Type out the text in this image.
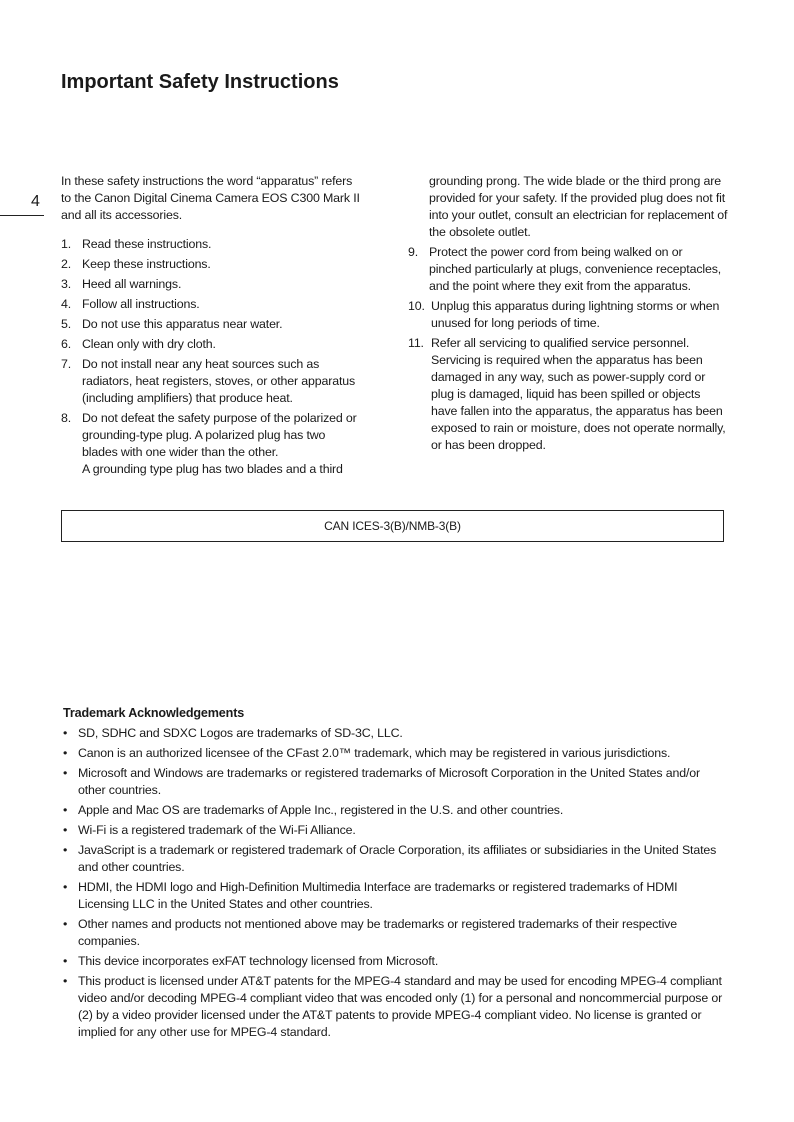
Important Safety Instructions
4

In these safety instructions the word “apparatus” refers to the Canon Digital Cinema Camera EOS C300 Mark II and all its accessories.

1. Read these instructions.
2. Keep these instructions.
3. Heed all warnings.
4. Follow all instructions.
5. Do not use this apparatus near water.
6. Clean only with dry cloth.
7. Do not install near any heat sources such as radiators, heat registers, stoves, or other apparatus (including amplifiers) that produce heat.
8. Do not defeat the safety purpose of the polarized or grounding-type plug. A polarized plug has two blades with one wider than the other.
A grounding type plug has two blades and a third
grounding prong. The wide blade or the third prong are provided for your safety. If the provided plug does not fit into your outlet, consult an electrician for replacement of the obsolete outlet.
9. Protect the power cord from being walked on or pinched particularly at plugs, convenience receptacles, and the point where they exit from the apparatus.
10. Unplug this apparatus during lightning storms or when unused for long periods of time.
11. Refer all servicing to qualified service personnel. Servicing is required when the apparatus has been damaged in any way, such as power-supply cord or plug is damaged, liquid has been spilled or objects have fallen into the apparatus, the apparatus has been exposed to rain or moisture, does not operate normally, or has been dropped.
CAN ICES-3(B)/NMB-3(B)
Trademark Acknowledgements
• SD, SDHC and SDXC Logos are trademarks of SD-3C, LLC.
• Canon is an authorized licensee of the CFast 2.0™ trademark, which may be registered in various jurisdictions.
• Microsoft and Windows are trademarks or registered trademarks of Microsoft Corporation in the United States and/or other countries.
• Apple and Mac OS are trademarks of Apple Inc., registered in the U.S. and other countries.
• Wi-Fi is a registered trademark of the Wi-Fi Alliance.
• JavaScript is a trademark or registered trademark of Oracle Corporation, its affiliates or subsidiaries in the United States and other countries.
• HDMI, the HDMI logo and High-Definition Multimedia Interface are trademarks or registered trademarks of HDMI Licensing LLC in the United States and other countries.
• Other names and products not mentioned above may be trademarks or registered trademarks of their respective companies.
• This device incorporates exFAT technology licensed from Microsoft.
• This product is licensed under AT&T patents for the MPEG-4 standard and may be used for encoding MPEG-4 compliant video and/or decoding MPEG-4 compliant video that was encoded only (1) for a personal and noncommercial purpose or (2) by a video provider licensed under the AT&T patents to provide MPEG-4 compliant video. No license is granted or implied for any other use for MPEG-4 standard.
